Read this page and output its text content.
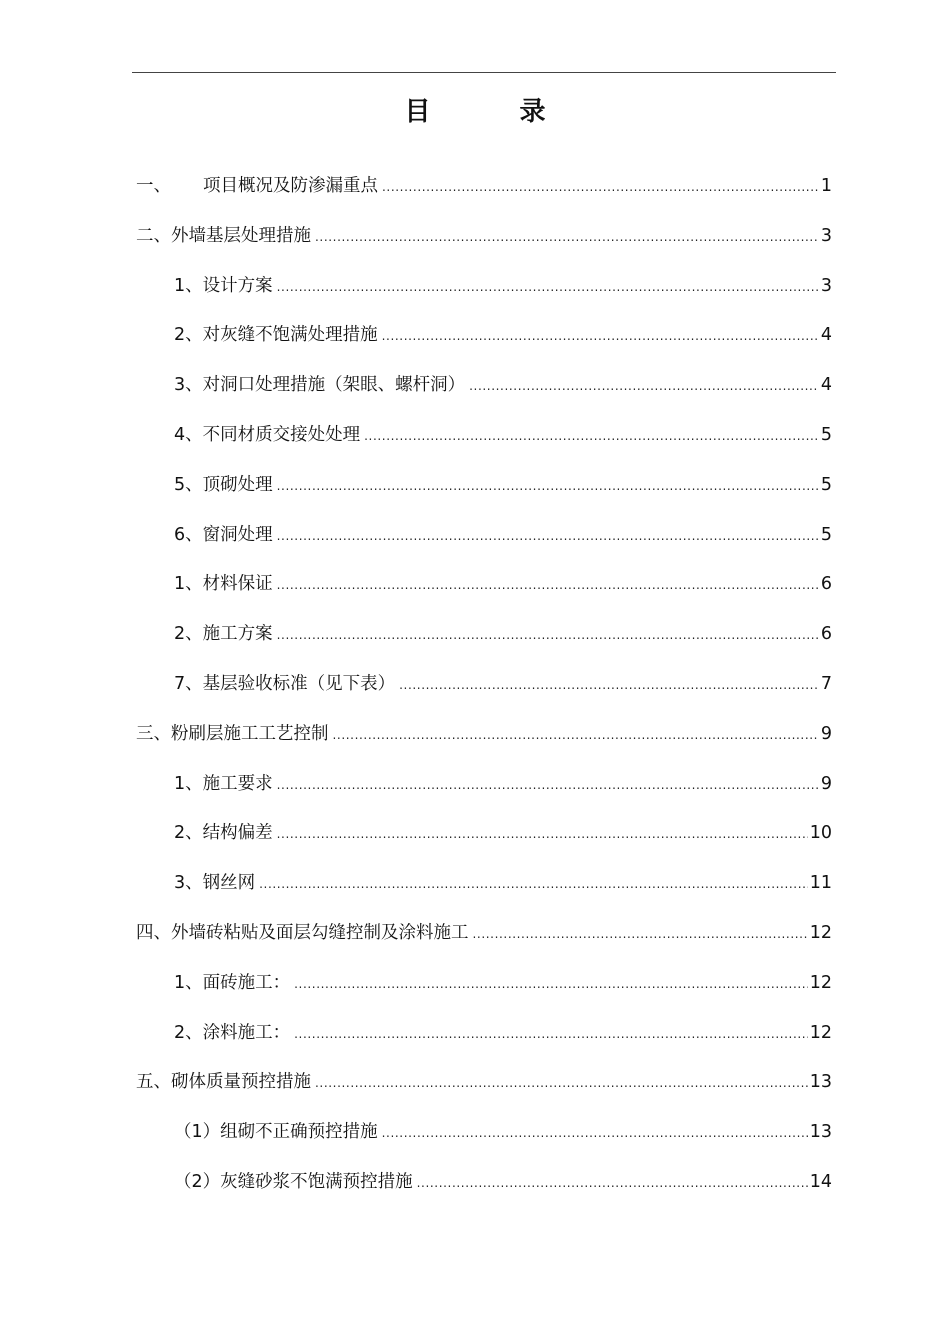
目 录
一、 项目概况及防渗漏重点 .....	1
二、外墙基层处理措施 .....	3
1、设计方案 .....	3
2、对灰缝不饱满处理措施 .....	4
3、对洞口处理措施（架眼、螺杆洞） .....	4
4、不同材质交接处处理 .....	5
5、顶砌处理 .....	5
6、窗洞处理 .....	5
1、材料保证 .....	6
2、施工方案 .....	6
7、基层验收标准（见下表） .....	7
三、粉刷层施工工艺控制 .....	9
1、施工要求 .....	9
2、结构偏差 .....	10
3、钢丝网 .....	11
四、外墙砖粘贴及面层勾缝控制及涂料施工 .....	12
1、面砖施工： .....	12
2、涂料施工： .....	12
五、砌体质量预控措施 .....	13
（1）组砌不正确预控措施 .....	13
（2）灰缝砂浆不饱满预控措施 .....	14
